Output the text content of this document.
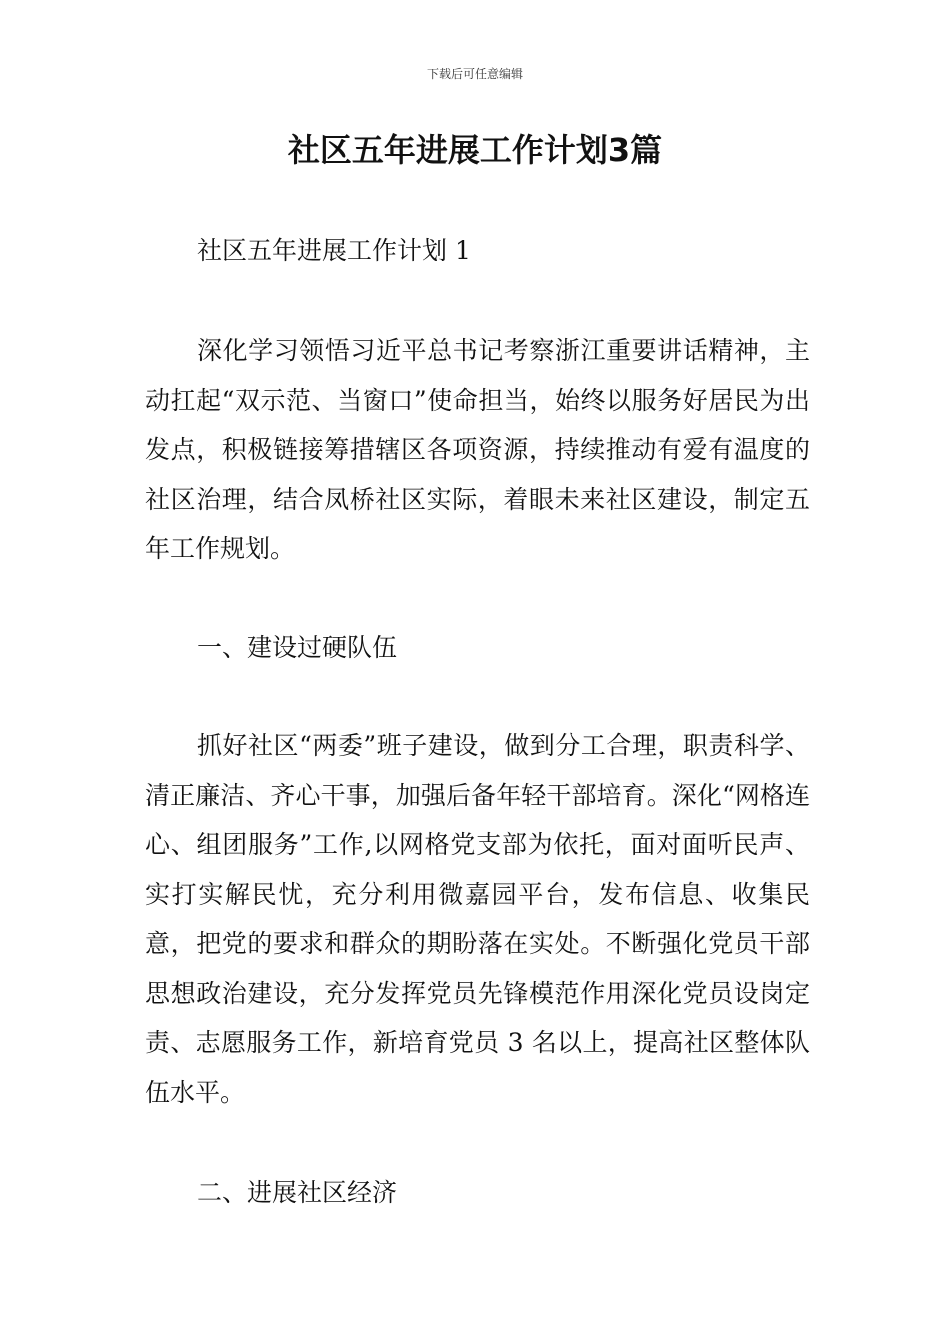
下载后可任意编辑
社区五年进展工作计划3篇

社区五年进展工作计划 1

深化学习领悟习近平总书记考察浙江重要讲话精神，主动扛起“双示范、当窗口”使命担当，始终以服务好居民为出发点，积极链接筹措辖区各项资源，持续推动有爱有温度的社区治理，结合凤桥社区实际，着眼未来社区建设，制定五年工作规划。

一、建设过硬队伍

抓好社区“两委”班子建设，做到分工合理，职责科学、清正廉洁、齐心干事，加强后备年轻干部培育。深化“网格连心、组团服务”工作,以网格党支部为依托，面对面听民声、实打实解民忧，充分利用微嘉园平台，发布信息、收集民意，把党的要求和群众的期盼落在实处。不断强化党员干部思想政治建设，充分发挥党员先锋模范作用深化党员设岗定责、志愿服务工作，新培育党员 3 名以上，提高社区整体队伍水平。

二、进展社区经济
